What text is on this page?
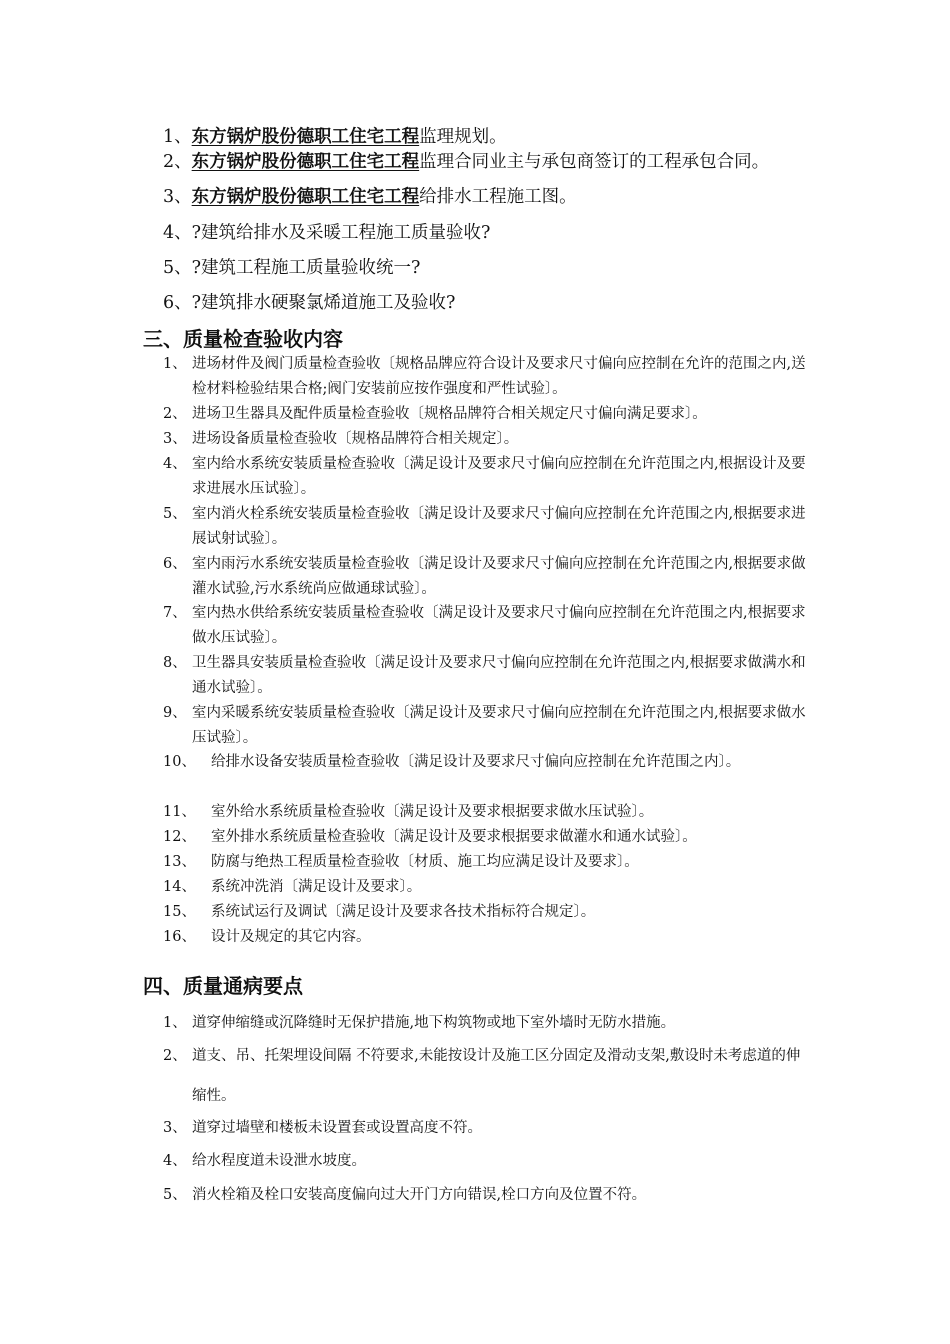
1、东方锅炉股份德职工住宅工程监理规划。
2、东方锅炉股份德职工住宅工程监理合同业主与承包商签订的工程承包合同。
3、东方锅炉股份德职工住宅工程给排水工程施工图。
4、?建筑给排水及采暖工程施工质量验收?
5、?建筑工程施工质量验收统一?
6、?建筑排水硬聚氯烯道施工及验收?
三、质量检查验收内容
1、 进场材件及阀门质量检查验收〔规格品牌应符合设计及要求尺寸偏向应控制在允许的范围之内,送检材料检验结果合格;阀门安装前应按作强度和严性试验〕。
2、 进场卫生器具及配件质量检查验收〔规格品牌符合相关规定尺寸偏向满足要求〕。
3、 进场设备质量检查验收〔规格品牌符合相关规定〕。
4、 室内给水系统安装质量检查验收〔满足设计及要求尺寸偏向应控制在允许范围之内,根据设计及要求进展水压试验〕。
5、 室内消火栓系统安装质量检查验收〔满足设计及要求尺寸偏向应控制在允许范围之内,根据要求进展试射试验〕。
6、 室内雨污水系统安装质量检查验收〔满足设计及要求尺寸偏向应控制在允许范围之内,根据要求做灌水试验,污水系统尚应做通球试验〕。
7、 室内热水供给系统安装质量检查验收〔满足设计及要求尺寸偏向应控制在允许范围之内,根据要求做水压试验〕。
8、 卫生器具安装质量检查验收〔满足设计及要求尺寸偏向应控制在允许范围之内,根据要求做满水和通水试验〕。
9、 室内采暖系统安装质量检查验收〔满足设计及要求尺寸偏向应控制在允许范围之内,根据要求做水压试验〕。
10、	给排水设备安装质量检查验收〔满足设计及要求尺寸偏向应控制在允许范围之内〕。
11、 室外给水系统质量检查验收〔满足设计及要求根据要求做水压试验〕。
12、 室外排水系统质量检查验收〔满足设计及要求根据要求做灌水和通水试验〕。
13、 防腐与绝热工程质量检查验收〔材质、施工均应满足设计及要求〕。
14、 系统冲洗消〔满足设计及要求〕。
15、 系统试运行及调试〔满足设计及要求各技术指标符合规定〕。
16、 设计及规定的其它内容。
四、质量通病要点
1、 道穿伸缩缝或沉降缝时无保护措施,地下构筑物或地下室外墙时无防水措施。
2、 道支、吊、托架埋设间隔 不符要求,未能按设计及施工区分固定及滑动支架,敷设时未考虑道的伸缩性。
3、 道穿过墙壁和楼板未设置套或设置高度不符。
4、 给水程度道未设泄水坡度。
5、 消火栓箱及栓口安装高度偏向过大开门方向错误,栓口方向及位置不符。
